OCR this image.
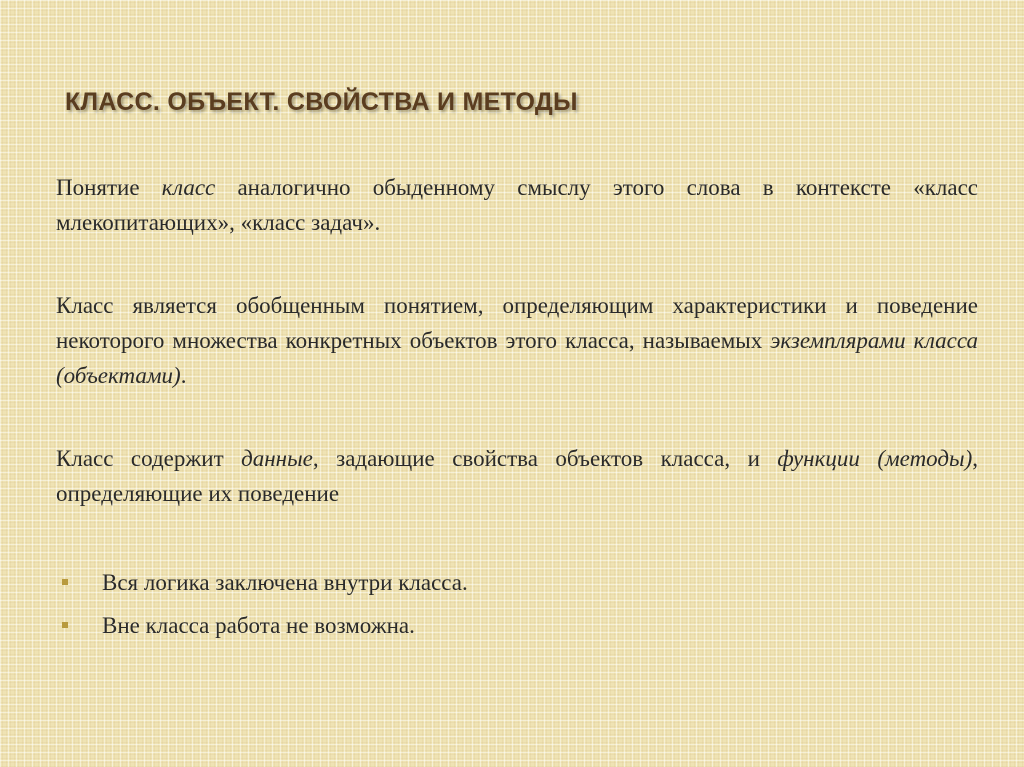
КЛАСС. ОБЪЕКТ. СВОЙСТВА И МЕТОДЫ

Понятие класс аналогично обыденному смыслу этого слова в контексте «класс млекопитающих», «класс задач».

Класс является обобщенным понятием, определяющим характеристики и поведение некоторого множества конкретных объектов этого класса, называемых экземплярами класса (объектами).

Класс содержит данные, задающие свойства объектов класса, и функции (методы), определяющие их поведение

Вся логика заключена внутри класса.
Вне класса работа не возможна.
